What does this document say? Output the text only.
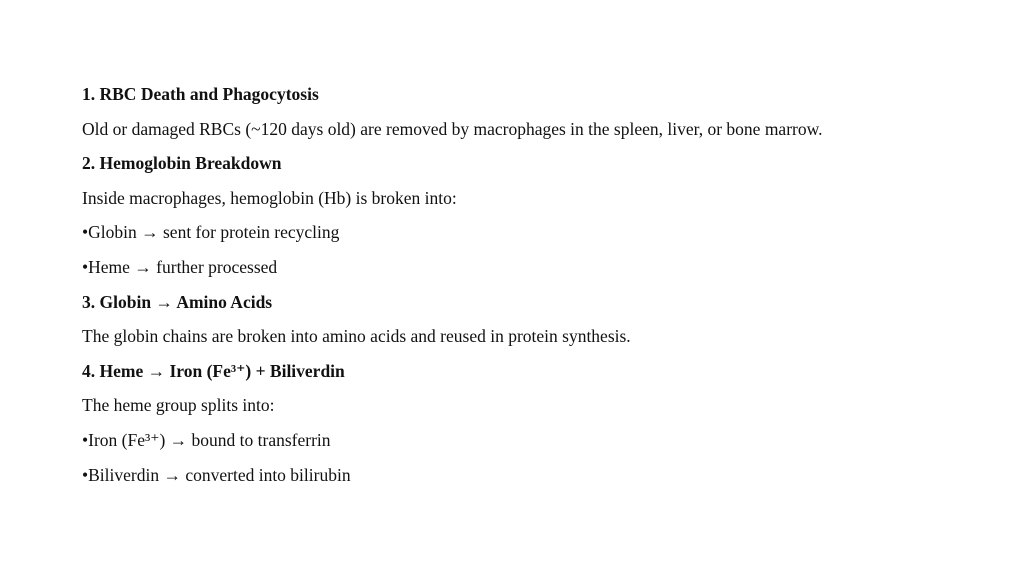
1. RBC Death and Phagocytosis
Old or damaged RBCs (~120 days old) are removed by macrophages in the spleen, liver, or bone marrow.
2. Hemoglobin Breakdown
Inside macrophages, hemoglobin (Hb) is broken into:
•Globin → sent for protein recycling
•Heme → further processed
3. Globin → Amino Acids
The globin chains are broken into amino acids and reused in protein synthesis.
4. Heme → Iron (Fe³⁺) + Biliverdin
The heme group splits into:
•Iron (Fe³⁺) → bound to transferrin
•Biliverdin → converted into bilirubin
